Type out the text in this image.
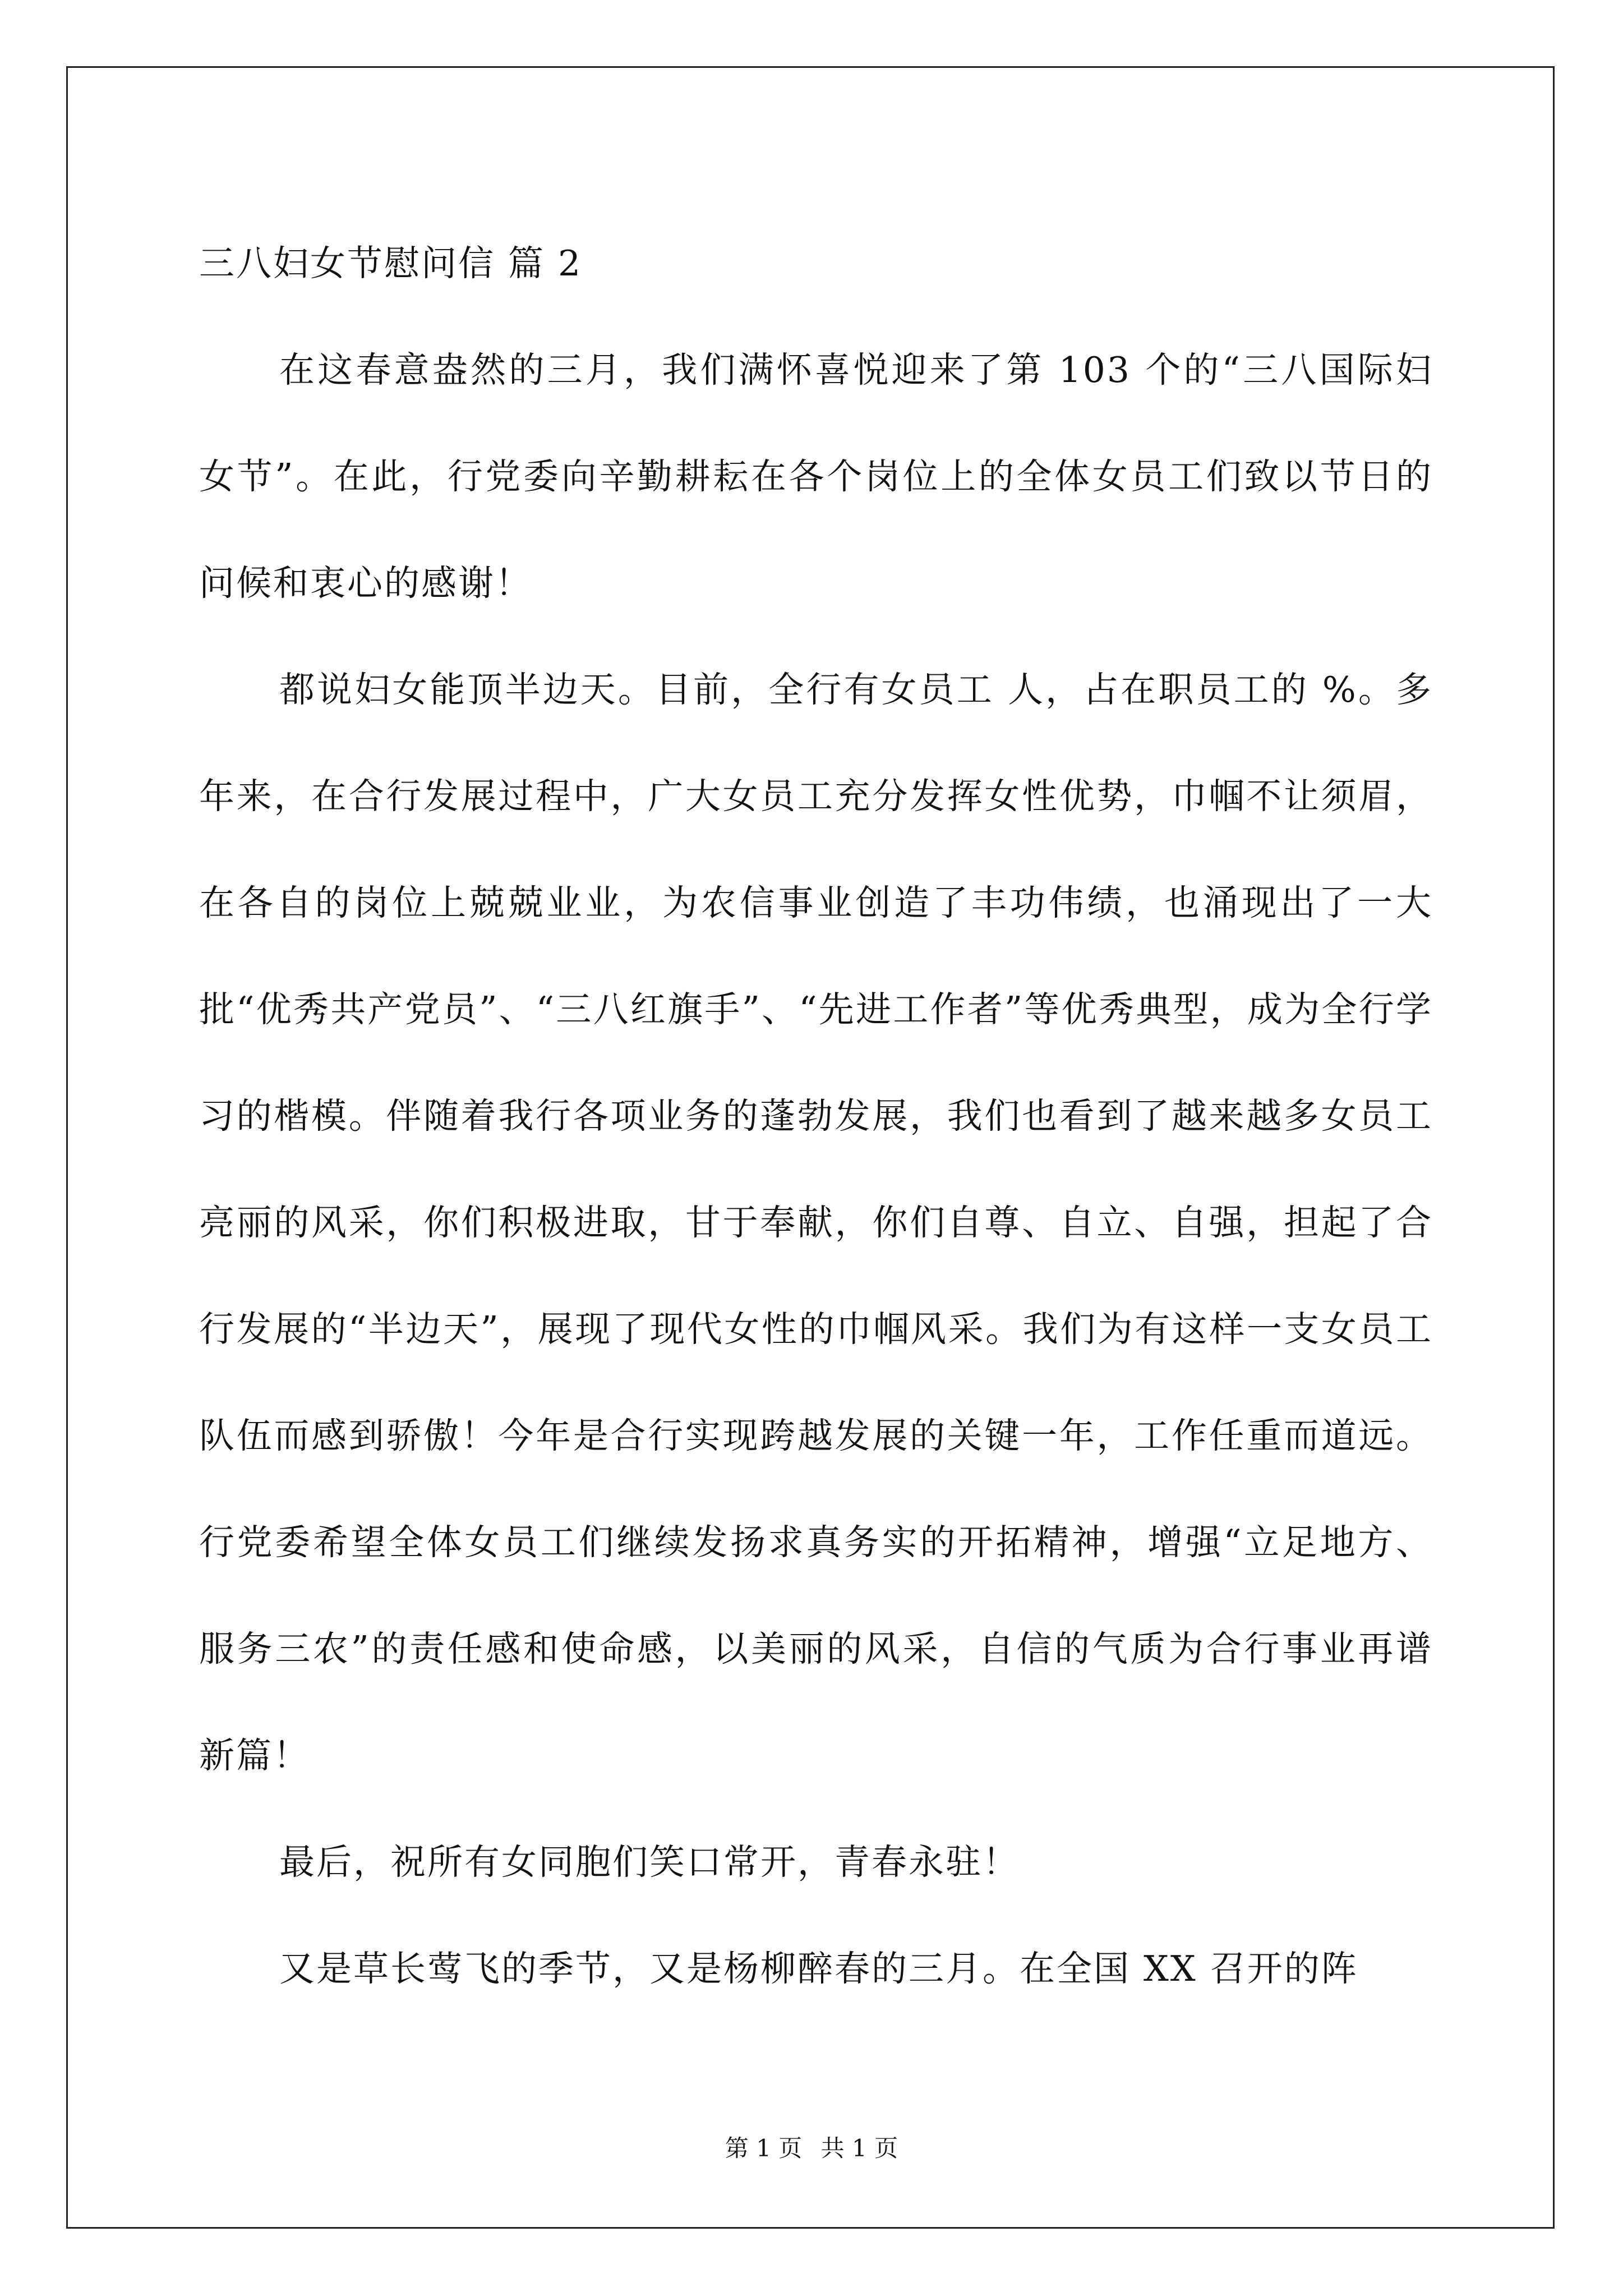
三八妇女节慰问信 篇 2

在这春意盎然的三月，我们满怀喜悦迎来了第 103 个的“三八国际妇女节”。在此，行党委向辛勤耕耘在各个岗位上的全体女员工们致以节日的问候和衷心的感谢！

都说妇女能顶半边天。目前，全行有女员工 人，占在职员工的 %。多年来，在合行发展过程中，广大女员工充分发挥女性优势，巾帼不让须眉，在各自的岗位上兢兢业业，为农信事业创造了丰功伟绩，也涌现出了一大批“优秀共产党员”、“三八红旗手”、“先进工作者”等优秀典型，成为全行学习的楷模。伴随着我行各项业务的蓬勃发展，我们也看到了越来越多女员工亮丽的风采，你们积极进取，甘于奉献，你们自尊、自立、自强，担起了合行发展的“半边天”，展现了现代女性的巾帼风采。我们为有这样一支女员工队伍而感到骄傲！今年是合行实现跨越发展的关键一年，工作任重而道远。行党委希望全体女员工们继续发扬求真务实的开拓精神，增强“立足地方、服务三农”的责任感和使命感，以美丽的风采，自信的气质为合行事业再谱新篇！

最后，祝所有女同胞们笑口常开，青春永驻！

又是草长莺飞的季节，又是杨柳醉春的三月。在全国 XX 召开的阵

第 1 页 共 1 页
